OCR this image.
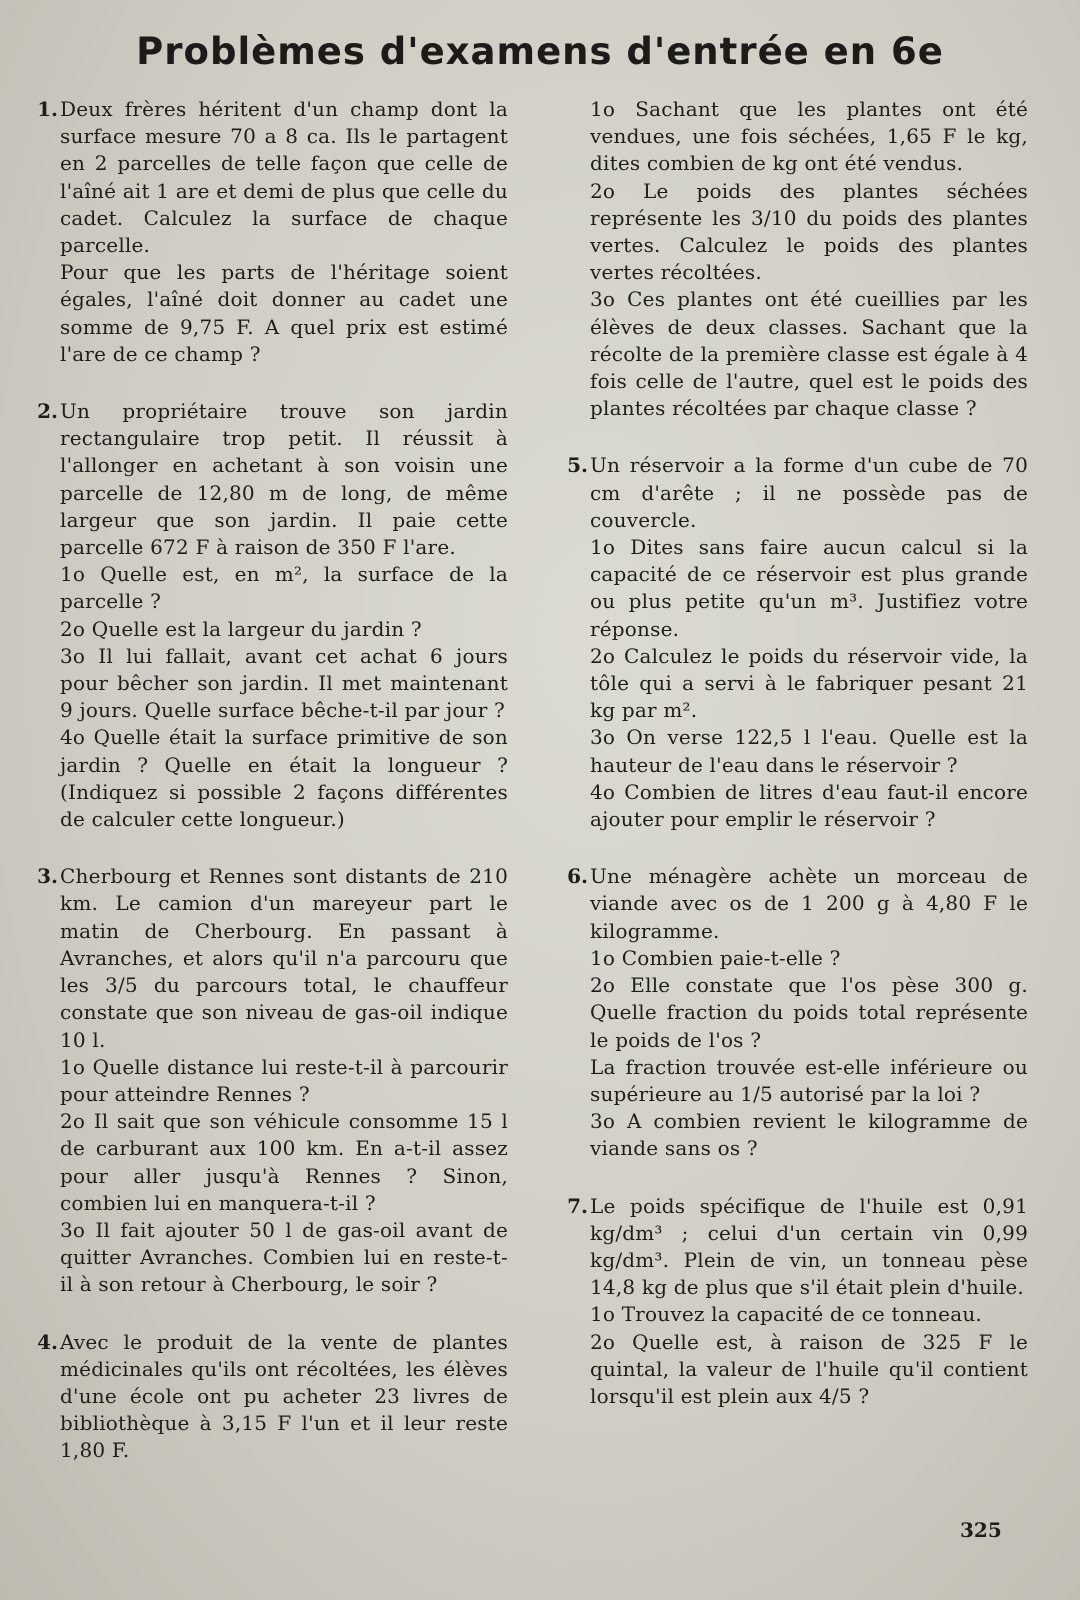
Problèmes d'examens d'entrée en 6e
1. Deux frères héritent d'un champ dont la surface mesure 70 a 8 ca. Ils le partagent en 2 parcelles de telle façon que celle de l'aîné ait 1 are et demi de plus que celle du cadet. Calculez la surface de chaque parcelle.
Pour que les parts de l'héritage soient égales, l'aîné doit donner au cadet une somme de 9,75 F. A quel prix est estimé l'are de ce champ ?

2. Un propriétaire trouve son jardin rectangulaire trop petit. Il réussit à l'allonger en achetant à son voisin une parcelle de 12,80 m de long, de même largeur que son jardin. Il paie cette parcelle 672 F à raison de 350 F l'are.
1o Quelle est, en m², la surface de la parcelle ?
2o Quelle est la largeur du jardin ?
3o Il lui fallait, avant cet achat 6 jours pour bêcher son jardin. Il met maintenant 9 jours. Quelle surface bêche-t-il par jour ?
4o Quelle était la surface primitive de son jardin ? Quelle en était la longueur ? (Indiquez si possible 2 façons différentes de calculer cette longueur.)

3. Cherbourg et Rennes sont distants de 210 km. Le camion d'un mareyeur part le matin de Cherbourg. En passant à Avranches, et alors qu'il n'a parcouru que les 3/5 du parcours total, le chauffeur constate que son niveau de gas-oil indique 10 l.
1o Quelle distance lui reste-t-il à parcourir pour atteindre Rennes ?
2o Il sait que son véhicule consomme 15 l de carburant aux 100 km. En a-t-il assez pour aller jusqu'à Rennes ? Sinon, combien lui en manquera-t-il ?
3o Il fait ajouter 50 l de gas-oil avant de quitter Avranches. Combien lui en reste-t-il à son retour à Cherbourg, le soir ?

4. Avec le produit de la vente de plantes médicinales qu'ils ont récoltées, les élèves d'une école ont pu acheter 23 livres de bibliothèque à 3,15 F l'un et il leur reste 1,80 F.

1o Sachant que les plantes ont été vendues, une fois séchées, 1,65 F le kg, dites combien de kg ont été vendus.
2o Le poids des plantes séchées représente les 3/10 du poids des plantes vertes. Calculez le poids des plantes vertes récoltées.
3o Ces plantes ont été cueillies par les élèves de deux classes. Sachant que la récolte de la première classe est égale à 4 fois celle de l'autre, quel est le poids des plantes récoltées par chaque classe ?

5. Un réservoir a la forme d'un cube de 70 cm d'arête ; il ne possède pas de couvercle.
1o Dites sans faire aucun calcul si la capacité de ce réservoir est plus grande ou plus petite qu'un m³. Justifiez votre réponse.
2o Calculez le poids du réservoir vide, la tôle qui a servi à le fabriquer pesant 21 kg par m².
3o On verse 122,5 l l'eau. Quelle est la hauteur de l'eau dans le réservoir ?
4o Combien de litres d'eau faut-il encore ajouter pour emplir le réservoir ?

6. Une ménagère achète un morceau de viande avec os de 1 200 g à 4,80 F le kilogramme.
1o Combien paie-t-elle ?
2o Elle constate que l'os pèse 300 g. Quelle fraction du poids total représente le poids de l'os ?
La fraction trouvée est-elle inférieure ou supérieure au 1/5 autorisé par la loi ?
3o A combien revient le kilogramme de viande sans os ?

7. Le poids spécifique de l'huile est 0,91 kg/dm³ ; celui d'un certain vin 0,99 kg/dm³. Plein de vin, un tonneau pèse 14,8 kg de plus que s'il était plein d'huile.
1o Trouvez la capacité de ce tonneau.
2o Quelle est, à raison de 325 F le quintal, la valeur de l'huile qu'il contient lorsqu'il est plein aux 4/5 ?

325
